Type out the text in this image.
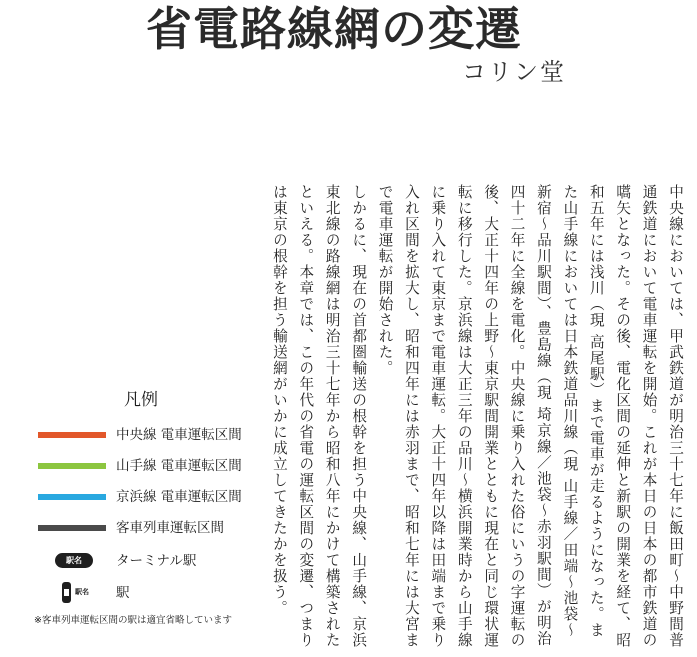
省電路線網の変遷
コリン堂

中央線においては、甲武鉄道が明治三十七年に飯田町～中野間普通鉄道において電車運転を開始。これが本日の日本の都市鉄道の嚆矢となった。その後、電化区間の延伸と新駅の開業を経て、昭和五年には浅川（現 高尾駅）まで電車が走るようになった。また山手線においては日本鉄道品川線（現 山手線／田端～池袋～新宿～品川駅間）、豊島線（現 埼京線／池袋～赤羽駅間）が明治四十二年に全線を電化。中央線に乗り入れた俗にいうの字運転の後、大正十四年の上野～東京駅間開業とともに現在と同じ環状運転に移行した。京浜線は大正三年の品川～横浜開業時から山手線に乗り入れて東京まで電車運転。大正十四年以降は田端まで乗り入れ区間を拡大し、昭和四年には赤羽まで、昭和七年には大宮まで電車運転が開始された。

しかるに、現在の首都圏輸送の根幹を担う中央線、山手線、京浜東北線の路線網は明治三十七年から昭和八年にかけて構築されたといえる。本章では、この年代の省電の運転区間の変遷、つまりは東京の根幹を担う輸送網がいかに成立してきたかを扱う。

凡例
中央線 電車運転区間
山手線 電車運転区間
京浜線 電車運転区間
客車列車運転区間
駅名	ターミナル駅
駅名 駅
※客車列車運転区間の駅は適宜省略しています
